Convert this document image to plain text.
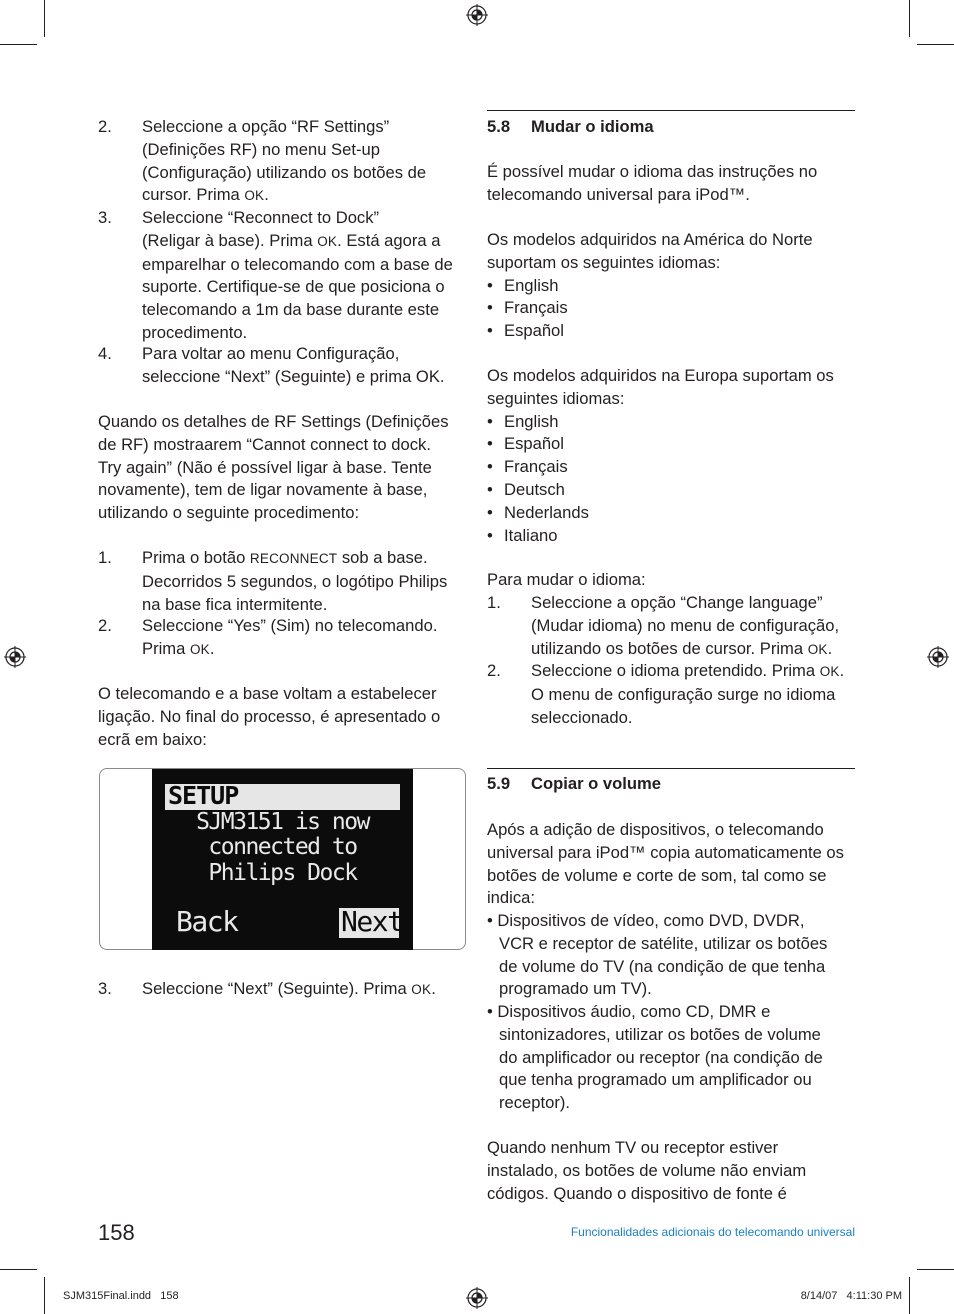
2. Seleccione a opção “RF Settings”
(Definições RF) no menu Set-up
(Configuração) utilizando os botões de
cursor. Prima OK.
3. Seleccione “Reconnect to Dock”
(Religar à base). Prima OK. Está agora a
emparelhar o telecomando com a base de
suporte. Certifique-se de que posiciona o
telecomando a 1m da base durante este
procedimento.
4. Para voltar ao menu Configuração,
seleccione “Next” (Seguinte) e prima OK.
Quando os detalhes de RF Settings (Definições
de RF) mostraarem “Cannot connect to dock.
Try again” (Não é possível ligar à base. Tente
novamente), tem de ligar novamente à base,
utilizando o seguinte procedimento:
1. Prima o botão RECONNECT sob a base.
Decorridos 5 segundos, o logótipo Philips
na base fica intermitente.
2. Seleccione “Yes” (Sim) no telecomando.
Prima OK.
O telecomando e a base voltam a estabelecer
ligação. No final do processo, é apresentado o
ecrã em baixo:
SETUP
SJM3151 is now
connected to
Philips Dock
Back	Next
3. Seleccione “Next” (Seguinte). Prima OK.
5.8 Mudar o idioma
É possível mudar o idioma das instruções no
telecomando universal para iPod™.
Os modelos adquiridos na América do Norte
suportam os seguintes idiomas:
• English
• Français
• Español
Os modelos adquiridos na Europa suportam os
seguintes idiomas:
• English
• Español
• Français
• Deutsch
• Nederlands
• Italiano
Para mudar o idioma:
1. Seleccione a opção “Change language”
(Mudar idioma) no menu de configuração,
utilizando os botões de cursor. Prima OK.
2. Seleccione o idioma pretendido. Prima OK.
O menu de configuração surge no idioma
seleccionado.
5.9 Copiar o volume
Após a adição de dispositivos, o telecomando
universal para iPod™ copia automaticamente os
botões de volume e corte de som, tal como se
indica:
• Dispositivos de vídeo, como DVD, DVDR,
VCR e receptor de satélite, utilizar os botões
de volume do TV (na condição de que tenha
programado um TV).
• Dispositivos áudio, como CD, DMR e
sintonizadores, utilizar os botões de volume
do amplificador ou receptor (na condição de
que tenha programado um amplificador ou
receptor).
Quando nenhum TV ou receptor estiver
instalado, os botões de volume não enviam
códigos. Quando o dispositivo de fonte é
158	Funcionalidades adicionais do telecomando universal
SJM315Final.indd   158	8/14/07   4:11:30 PM
